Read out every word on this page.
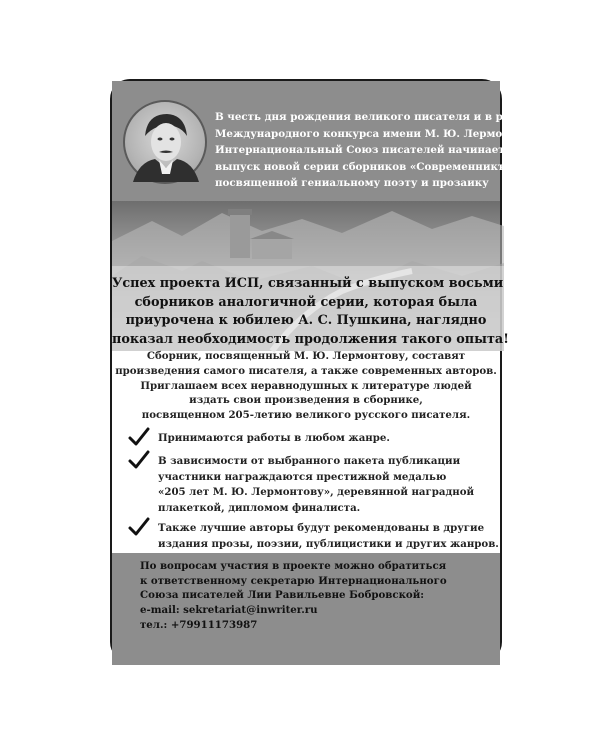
В честь дня рождения великого писателя и в рамках
Международного конкурса имени М. Ю. Лермонтова
Интернациональный Союз писателей начинает
выпуск новой серии сборников «Современникъ»,
посвященной гениальному поэту и прозаику
Успех проекта ИСП, связанный с выпуском восьми
сборников аналогичной серии, которая была
приурочена к юбилею А. С. Пушкина, наглядно
показал необходимость продолжения такого опыта!
Сборник, посвященный М. Ю. Лермонтову, составят
произведения самого писателя, а также современных авторов.
Приглашаем всех неравнодушных к литературе людей
издать свои произведения в сборнике,
посвященном 205-летию великого русского писателя.
Принимаются работы в любом жанре.
В зависимости от выбранного пакета публикации
участники награждаются престижной медалью
«205 лет М. Ю. Лермонтову», деревянной наградной
плакеткой, дипломом финалиста.
Также лучшие авторы будут рекомендованы в другие
издания прозы, поэзии, публицистики и других жанров.
По вопросам участия в проекте можно обратиться
к ответственному секретарю Интернационального
Союза писателей Лии Равильевне Бобровской:
e-mail: sekretariat@inwriter.ru
тел.: +79911173987
